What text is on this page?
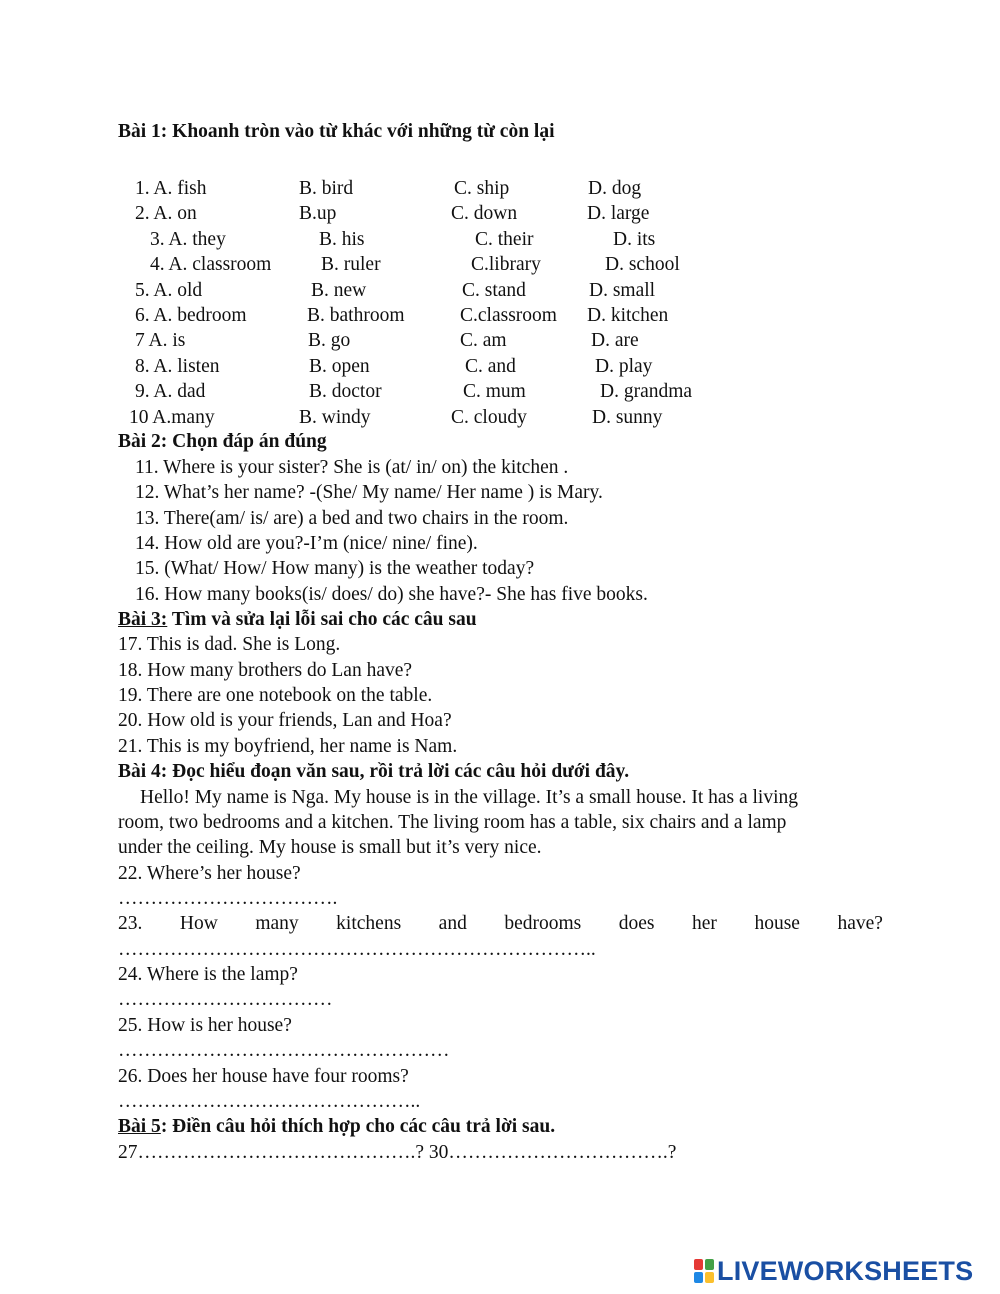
Bài 1: Khoanh tròn vào từ khác với những từ còn lại
1. A. fish	B. bird	C. ship	D. dog
2. A. on	B.up	C. down	D. large
3. A. they	B. his	C. their	D. its
4. A. classroom	B. ruler	C.library	D. school
5. A. old	B. new	C. stand	D. small
6. A. bedroom	B. bathroom	C.classroom D. kitchen
7 A. is	B. go	C. am	D. are
8. A. listen	B. open	C. and	D. play
9. A. dad	B. doctor	C. mum	D. grandma
10 A.many	B. windy	C. cloudy	D. sunny
Bài 2: Chọn đáp án đúng
11. Where is your sister? She is (at/ in/ on) the kitchen .
12. What’s her name? -(She/ My name/ Her name ) is Mary.
13. There(am/ is/ are) a bed and two chairs in the room.
14. How old are you?-I’m (nice/ nine/ fine).
15. (What/ How/ How many) is the weather today?
16. How many books(is/ does/ do) she have?- She has five books.
Bài 3: Tìm và sửa lại lỗi sai cho các câu sau
17. This is dad. She is Long.
18. How many brothers do Lan have?
19. There are one notebook on the table.
20. How old is your friends, Lan and Hoa?
21. This is my boyfriend, her name is Nam.
Bài 4: Đọc hiểu đoạn văn sau, rồi trả lời các câu hỏi dưới đây.
Hello! My name is Nga. My house is in the village. It’s a small house. It has a living
room, two bedrooms and a kitchen. The living room has a table, six chairs and a lamp
under the ceiling. My house is small but it’s very nice.
22. Where’s her house?
…………………………….
23. How many kitchens and bedrooms does her house have?
………………………………………………………………..
24. Where is the lamp?
……………………………
25. How is her house?
……………………………………………
26. Does her house have four rooms?
………………………………………..
Bài 5: Điền câu hỏi thích hợp cho các câu trả lời sau.
27…………………………………….? 30…………………………….?
LIVEWORKSHEETS
